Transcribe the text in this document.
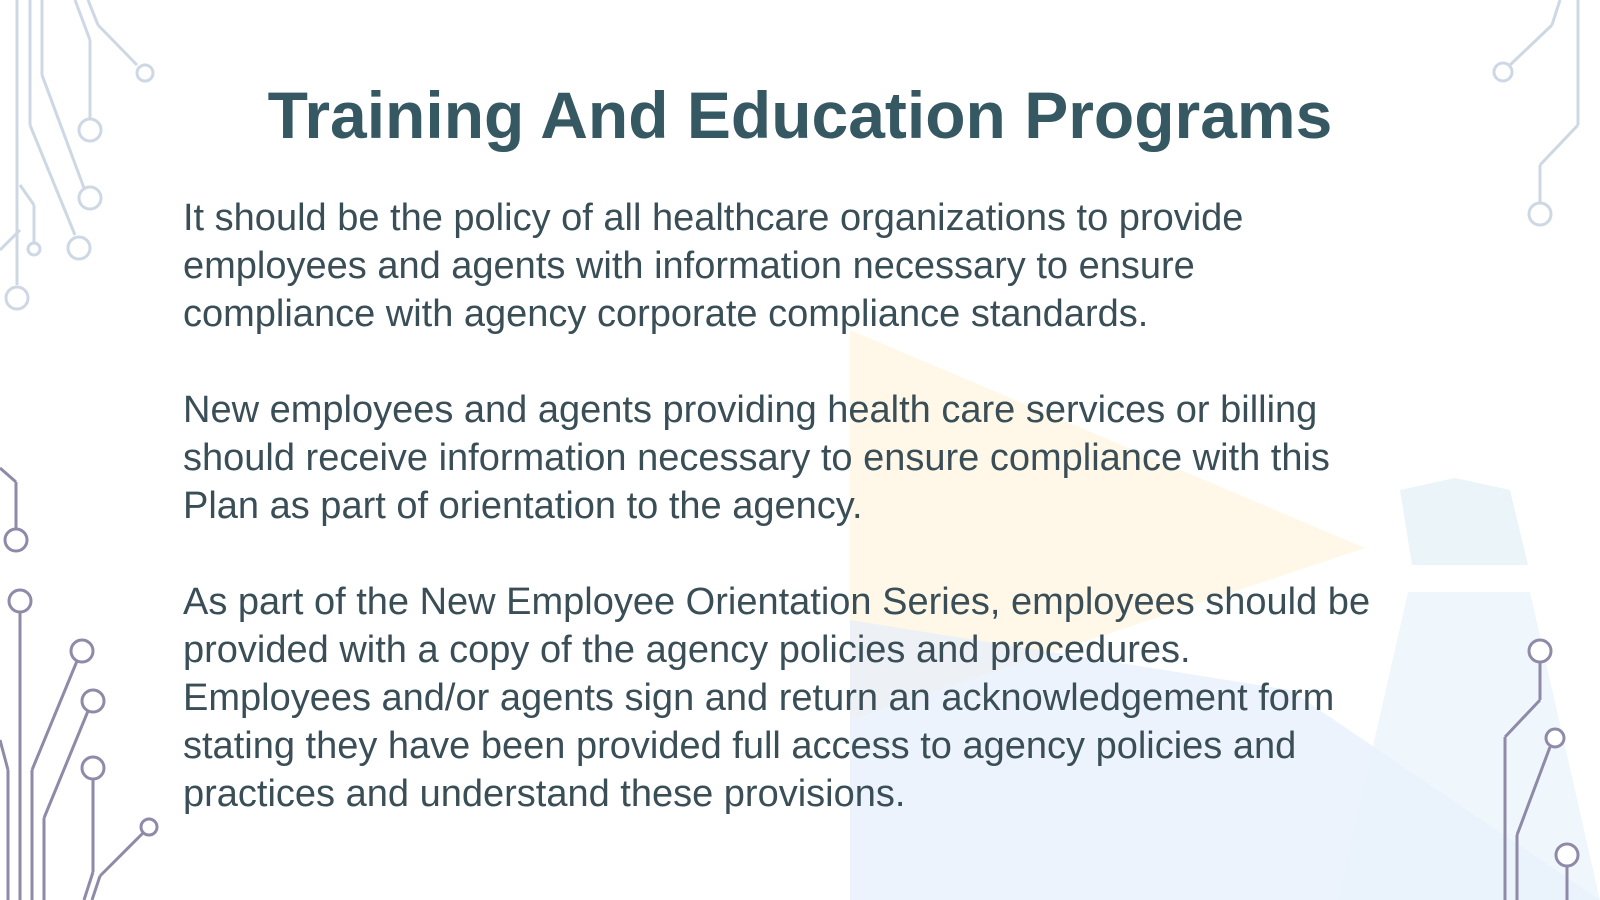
Training And Education Programs

It should be the policy of all healthcare organizations to provide
employees and agents with information necessary to ensure
compliance with agency corporate compliance standards.

New employees and agents providing health care services or billing
should receive information necessary to ensure compliance with this
Plan as part of orientation to the agency.

As part of the New Employee Orientation Series, employees should be
provided with a copy of the agency policies and procedures.
Employees and/or agents sign and return an acknowledgement form
stating they have been provided full access to agency policies and
practices and understand these provisions.
